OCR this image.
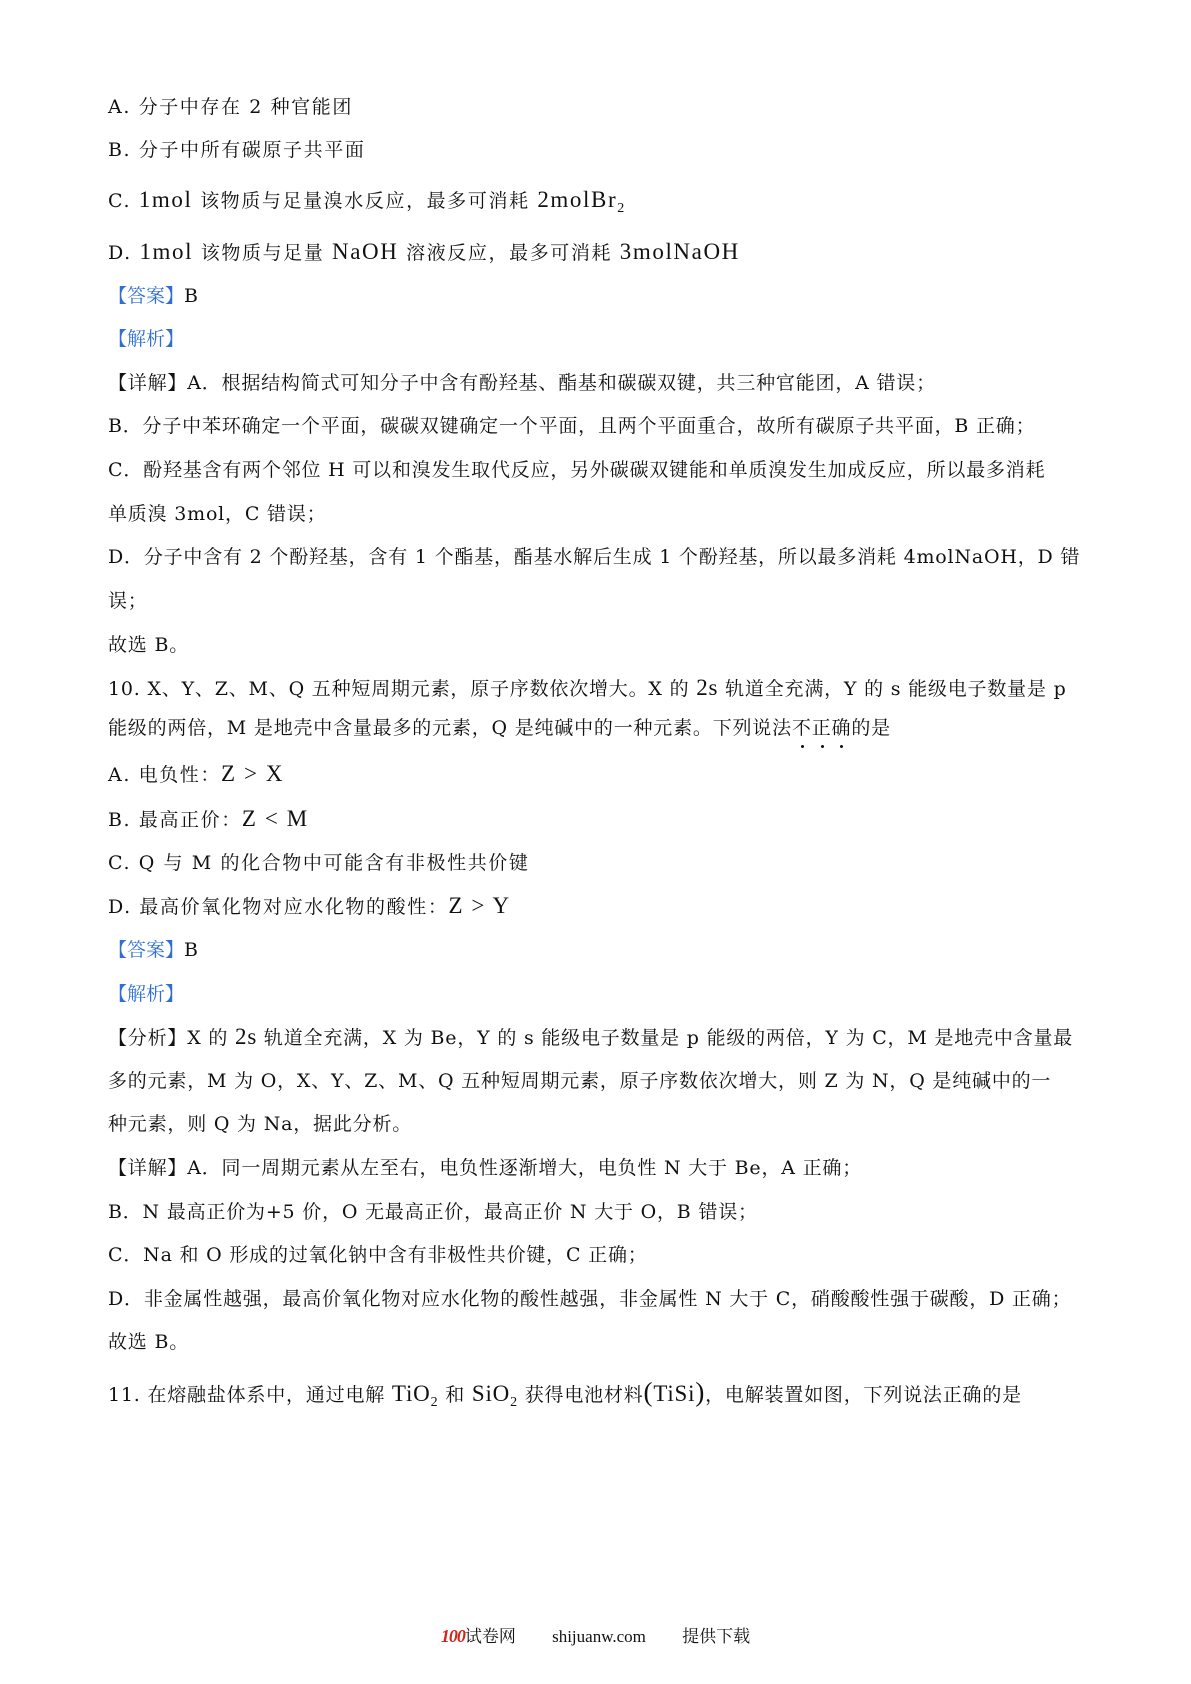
A. 分子中存在 2 种官能团
B. 分子中所有碳原子共平面
C. 1mol 该物质与足量溴水反应，最多可消耗 2molBr$_2$
D. 1mol 该物质与足量 NaOH 溶液反应，最多可消耗 3molNaOH
【答案】B
【解析】
【详解】A．根据结构简式可知分子中含有酚羟基、酯基和碳碳双键，共三种官能团，A 错误；
B．分子中苯环确定一个平面，碳碳双键确定一个平面，且两个平面重合，故所有碳原子共平面，B 正确；
C．酚羟基含有两个邻位 H 可以和溴发生取代反应，另外碳碳双键能和单质溴发生加成反应，所以最多消耗
单质溴 3mol，C 错误；
D．分子中含有 2 个酚羟基，含有 1 个酯基，酯基水解后生成 1 个酚羟基，所以最多消耗 4molNaOH，D 错
误；
故选 B。
10. X、Y、Z、M、Q 五种短周期元素，原子序数依次增大。X 的 2s 轨道全充满，Y 的 s 能级电子数量是 p
能级的两倍，M 是地壳中含量最多的元素，Q 是纯碱中的一种元素。下列说法不正确的是
A. 电负性：Z > X
B. 最高正价：Z < M
C. Q 与 M 的化合物中可能含有非极性共价键
D. 最高价氧化物对应水化物的酸性：Z > Y
【答案】B
【解析】
【分析】X 的 2s 轨道全充满，X 为 Be，Y 的 s 能级电子数量是 p 能级的两倍，Y 为 C，M 是地壳中含量最
多的元素，M 为 O，X、Y、Z、M、Q 五种短周期元素，原子序数依次增大，则 Z 为 N，Q 是纯碱中的一
种元素，则 Q 为 Na，据此分析。
【详解】A．同一周期元素从左至右，电负性逐渐增大，电负性 N 大于 Be，A 正确；
B．N 最高正价为+5 价，O 无最高正价，最高正价 N 大于 O，B 错误；
C．Na 和 O 形成的过氧化钠中含有非极性共价键，C 正确；
D．非金属性越强，最高价氧化物对应水化物的酸性越强，非金属性 N 大于 C，硝酸酸性强于碳酸，D 正确；
故选 B。
11. 在熔融盐体系中，通过电解 TiO$_2$ 和 SiO$_2$ 获得电池材料(TiSi)，电解装置如图，下列说法正确的是
100试卷网 shijuanw.com 提供下载
